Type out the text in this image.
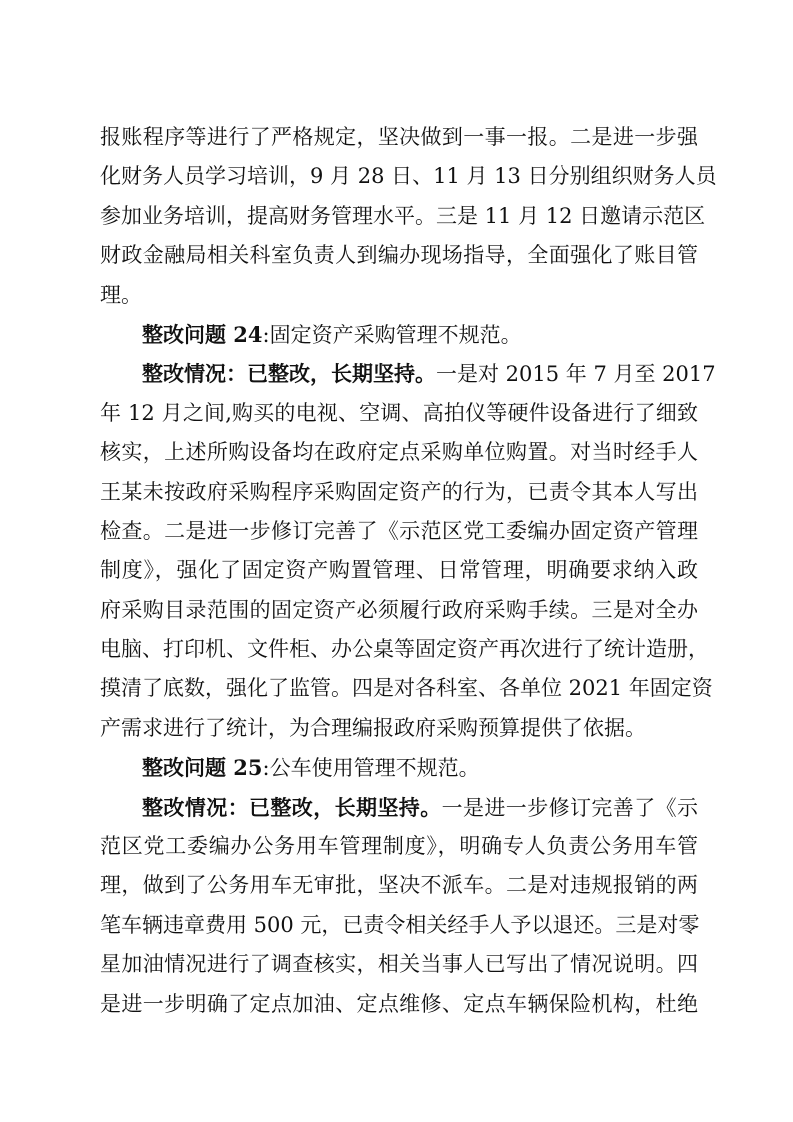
报账程序等进行了严格规定，坚决做到一事一报。二是进一步强
化财务人员学习培训，9 月 28 日、11 月 13 日分别组织财务人员
参加业务培训，提高财务管理水平。三是 11 月 12 日邀请示范区
财政金融局相关科室负责人到编办现场指导，全面强化了账目管
理。
整改问题 24:固定资产采购管理不规范。
整改情况：已整改，长期坚持。一是对 2015 年 7 月至 2017
年 12 月之间,购买的电视、空调、高拍仪等硬件设备进行了细致
核实，上述所购设备均在政府定点采购单位购置。对当时经手人
王某未按政府采购程序采购固定资产的行为，已责令其本人写出
检查。二是进一步修订完善了《示范区党工委编办固定资产管理
制度》，强化了固定资产购置管理、日常管理，明确要求纳入政
府采购目录范围的固定资产必须履行政府采购手续。三是对全办
电脑、打印机、文件柜、办公桌等固定资产再次进行了统计造册，
摸清了底数，强化了监管。四是对各科室、各单位 2021 年固定资
产需求进行了统计，为合理编报政府采购预算提供了依据。
整改问题 25:公车使用管理不规范。
整改情况：已整改，长期坚持。一是进一步修订完善了《示
范区党工委编办公务用车管理制度》，明确专人负责公务用车管
理，做到了公务用车无审批，坚决不派车。二是对违规报销的两
笔车辆违章费用 500 元，已责令相关经手人予以退还。三是对零
星加油情况进行了调查核实，相关当事人已写出了情况说明。四
是进一步明确了定点加油、定点维修、定点车辆保险机构，杜绝
